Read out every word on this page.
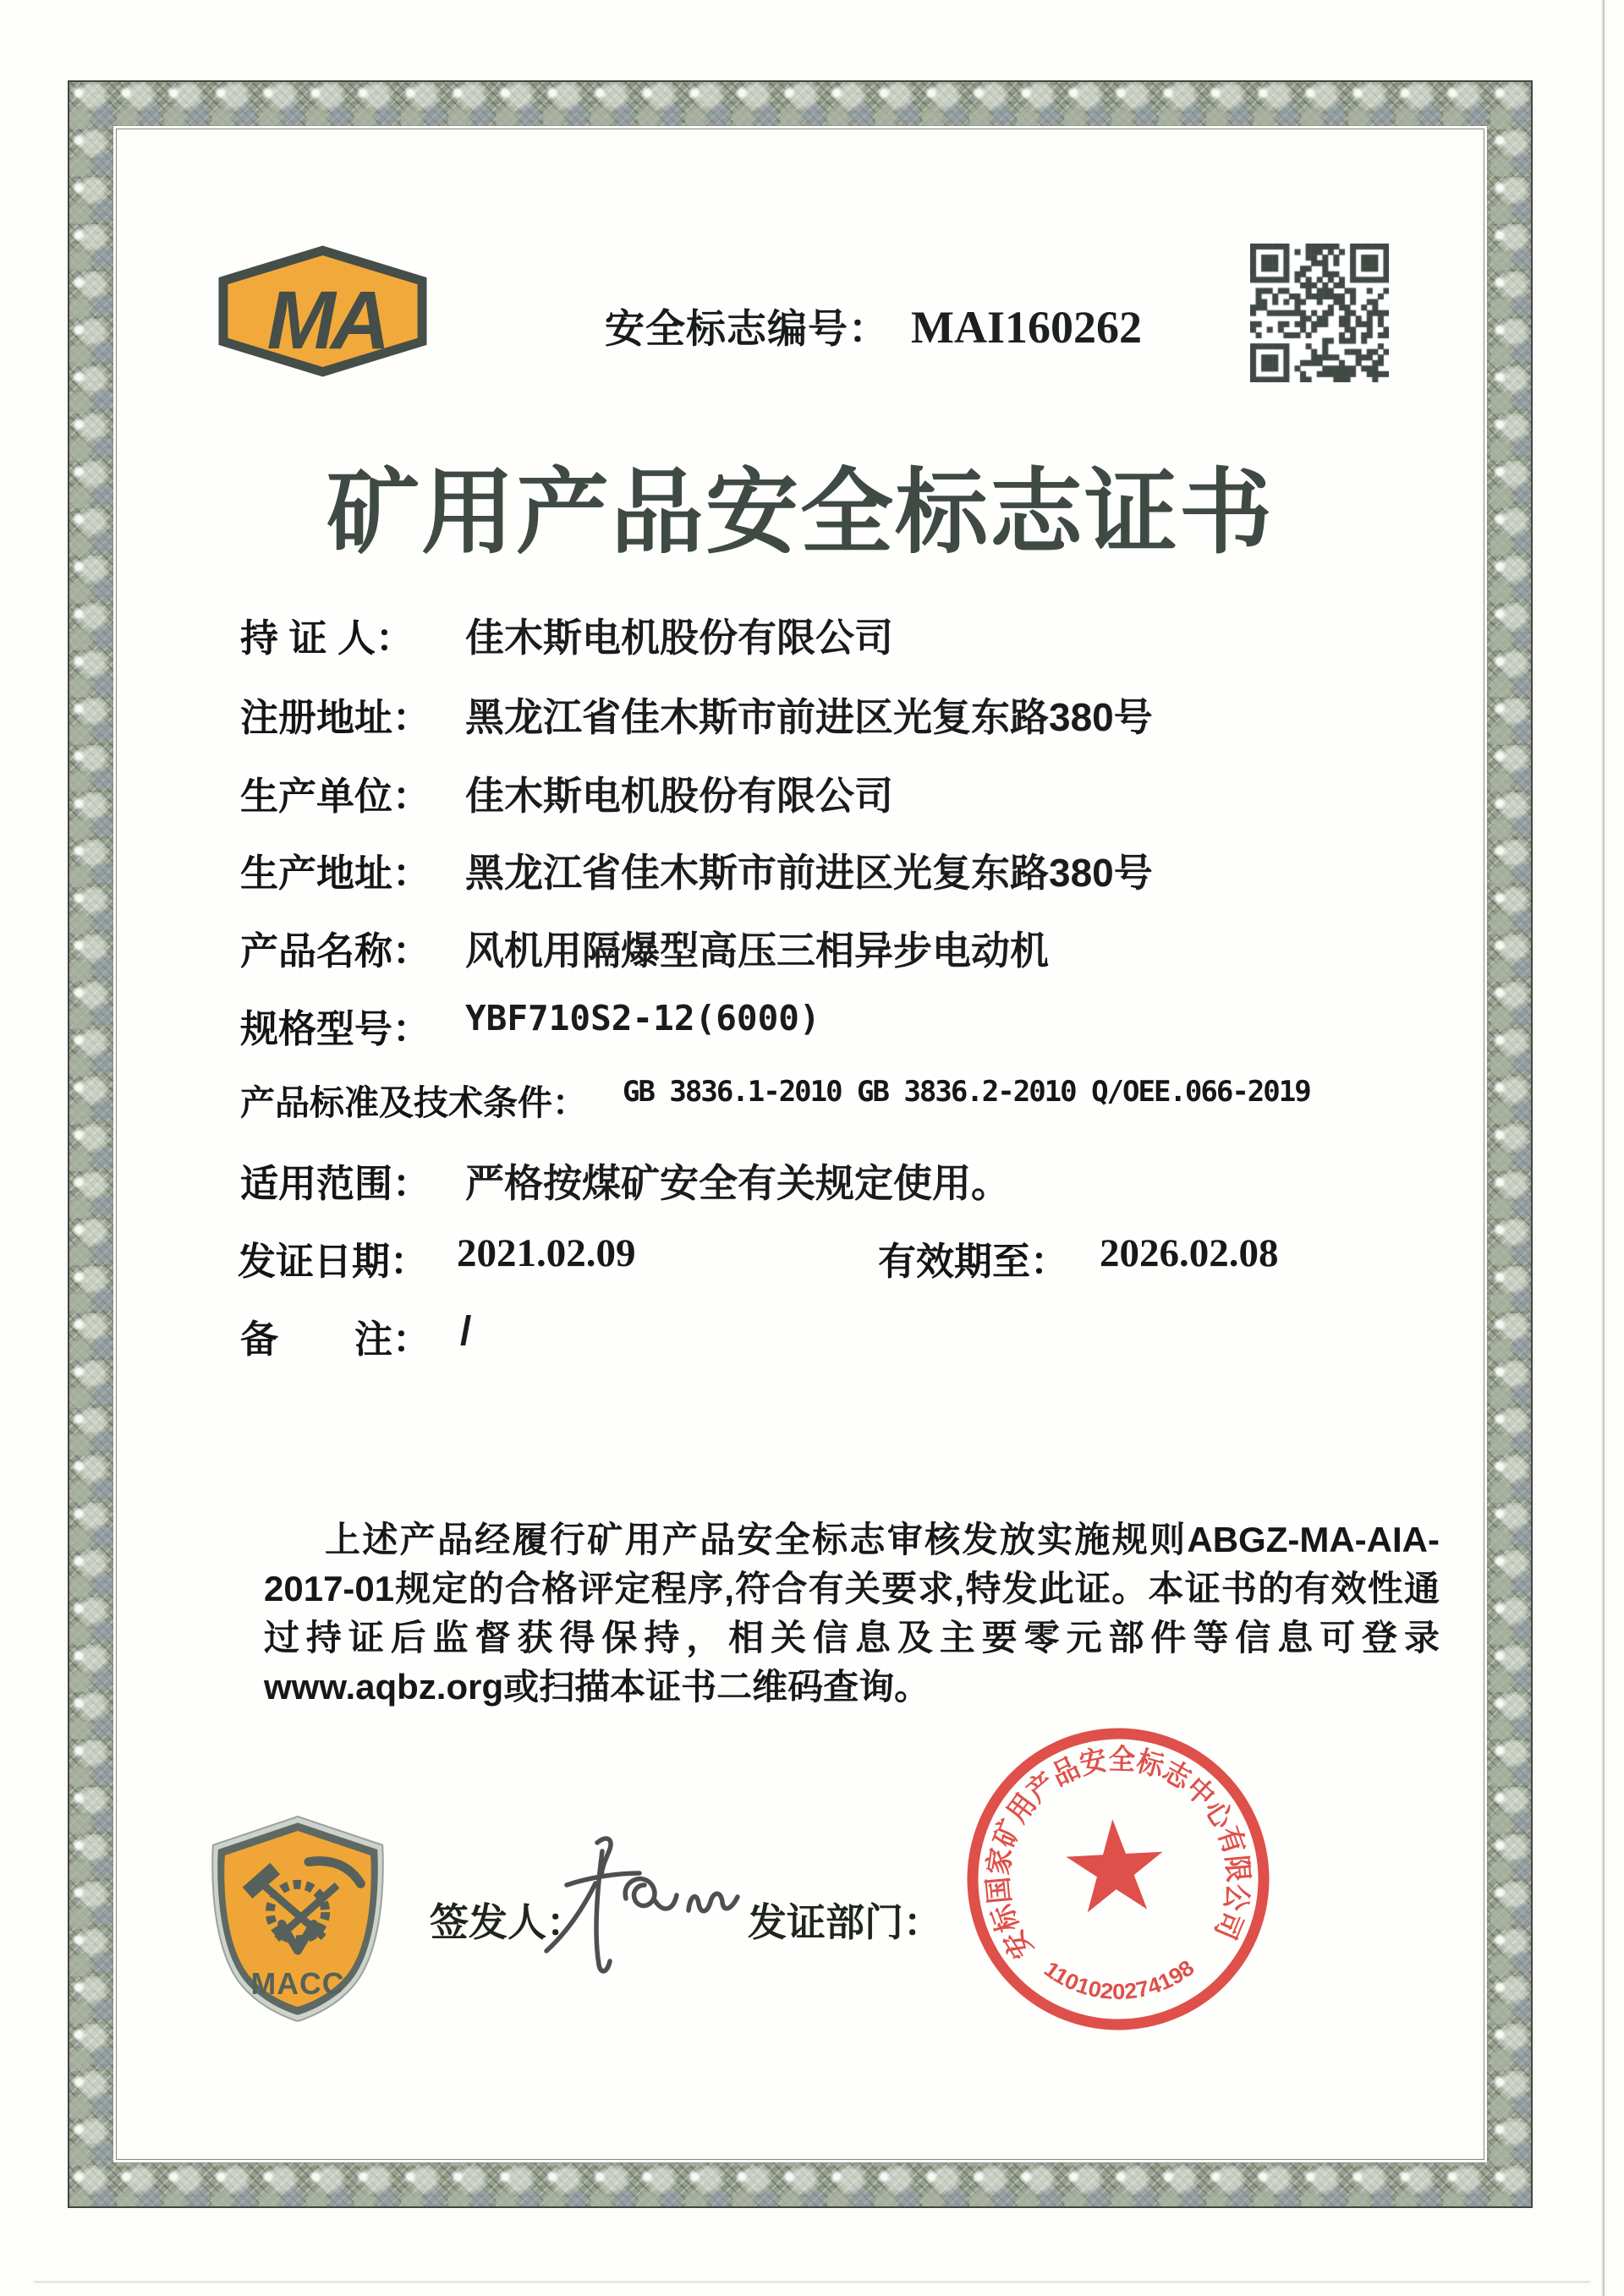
MA	安全标志编号： MAI160262
矿用产品安全标志证书
持 证 人： 佳木斯电机股份有限公司
注册地址： 黑龙江省佳木斯市前进区光复东路380号
生产单位： 佳木斯电机股份有限公司
生产地址： 黑龙江省佳木斯市前进区光复东路380号
产品名称： 风机用隔爆型高压三相异步电动机
规格型号： YBF710S2-12(6000)
产品标准及技术条件： GB 3836.1-2010 GB 3836.2-2010 Q/OEE.066-2019
适用范围： 严格按煤矿安全有关规定使用。
发证日期： 2021.02.09	有效期至： 2026.02.08
备　　注： /
上述产品经履行矿用产品安全标志审核发放实施规则ABGZ-MA-AIA-2017-01规定的合格评定程序,符合有关要求,特发此证。本证书的有效性通过持证后监督获得保持，相关信息及主要零元部件等信息可登录www.aqbz.org或扫描本证书二维码查询。
MACC
签发人：	发证部门：	安标国家矿用产品安全标志中心有限公司
1101020274198
